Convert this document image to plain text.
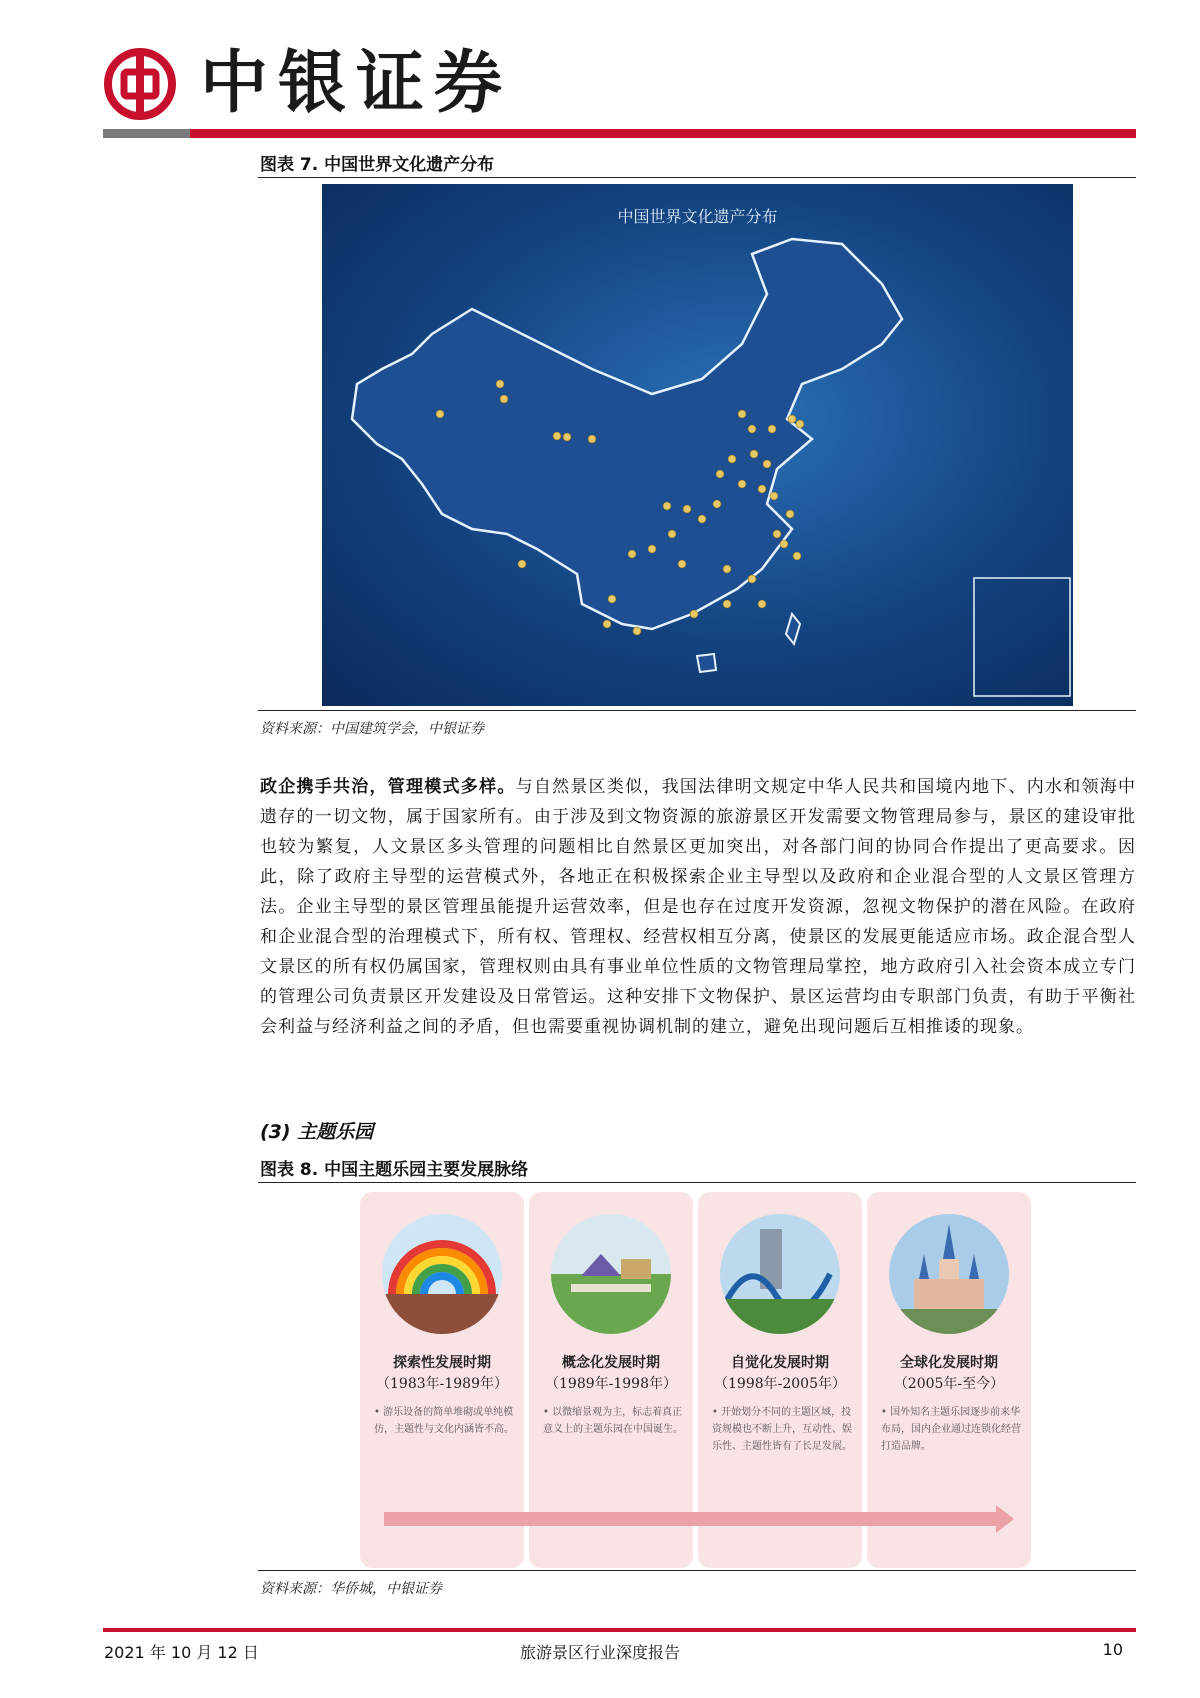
中银证券
图表 7. 中国世界文化遗产分布
中国世界文化遗产分布
资料来源：中国建筑学会，中银证券
政企携手共治，管理模式多样。与自然景区类似，我国法律明文规定中华人民共和国境内地下、内水和领海中遗存的一切文物，属于国家所有。由于涉及到文物资源的旅游景区开发需要文物管理局参与，景区的建设审批也较为繁复，人文景区多头管理的问题相比自然景区更加突出，对各部门间的协同合作提出了更高要求。因此，除了政府主导型的运营模式外，各地正在积极探索企业主导型以及政府和企业混合型的人文景区管理方法。企业主导型的景区管理虽能提升运营效率，但是也存在过度开发资源，忽视文物保护的潜在风险。在政府和企业混合型的治理模式下，所有权、管理权、经营权相互分离，使景区的发展更能适应市场。政企混合型人文景区的所有权仍属国家，管理权则由具有事业单位性质的文物管理局掌控，地方政府引入社会资本成立专门的管理公司负责景区开发建设及日常管运。这种安排下文物保护、景区运营均由专职部门负责，有助于平衡社会利益与经济利益之间的矛盾，但也需要重视协调机制的建立，避免出现问题后互相推诿的现象。
(3) 主题乐园
图表 8. 中国主题乐园主要发展脉络
探索性发展时期
（1983年-1989年）
• 游乐设备的简单堆砌或单纯模仿，主题性与文化内涵皆不高。
概念化发展时期
（1989年-1998年）
• 以微缩景观为主，标志着真正意义上的主题乐园在中国诞生。
自觉化发展时期
（1998年-2005年）
• 开始划分不同的主题区域，投资规模也不断上升，互动性、娱乐性、主题性皆有了长足发展。
全球化发展时期
（2005年-至今）
• 国外知名主题乐园逐步前来华布局，国内企业通过连锁化经营打造品牌。
资料来源：华侨城，中银证券
2021 年 10 月 12 日	旅游景区行业深度报告	10
